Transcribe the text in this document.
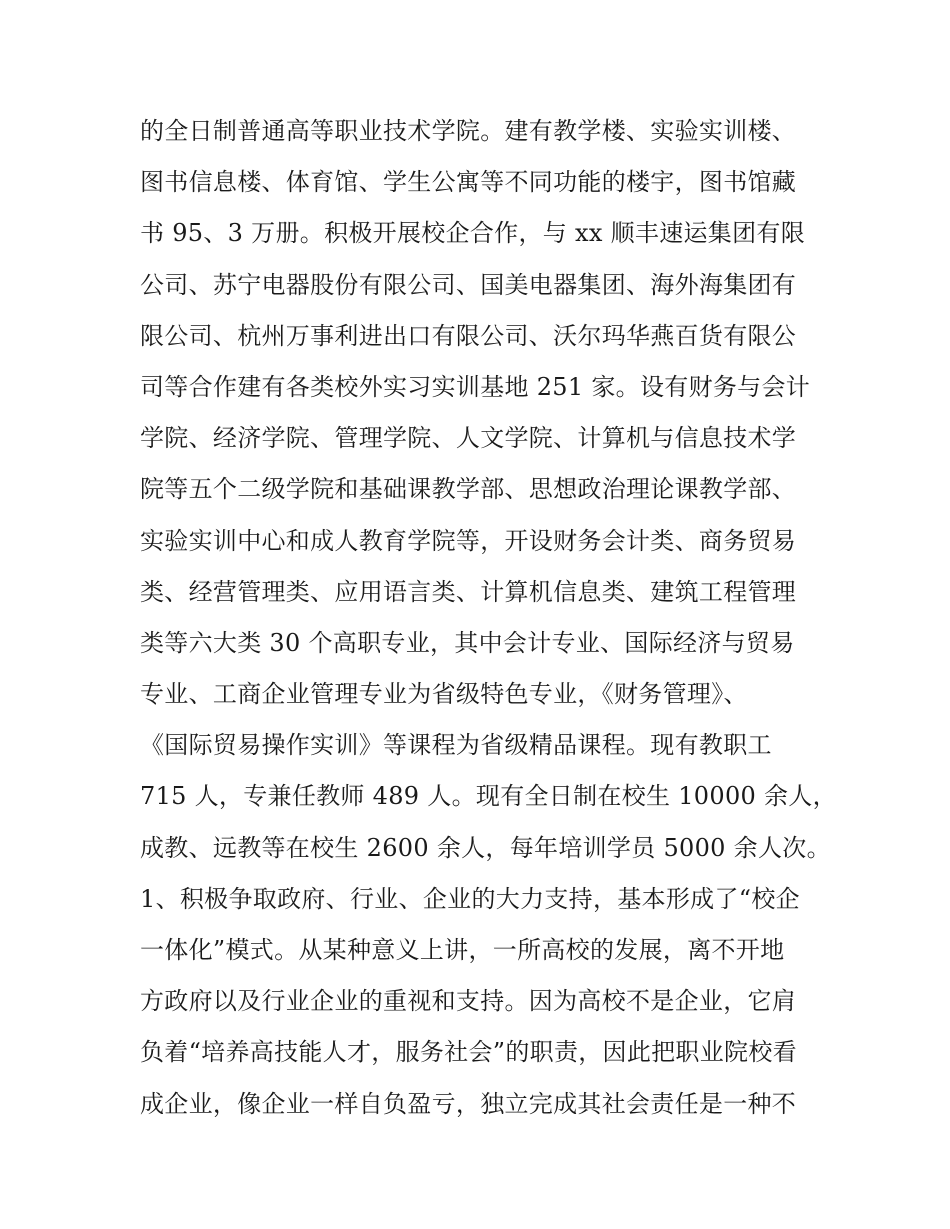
的全日制普通高等职业技术学院。建有教学楼、实验实训楼、
图书信息楼、体育馆、学生公寓等不同功能的楼宇，图书馆藏
书 95、3 万册。积极开展校企合作，与 xx 顺丰速运集团有限
公司、苏宁电器股份有限公司、国美电器集团、海外海集团有
限公司、杭州万事利进出口有限公司、沃尔玛华燕百货有限公
司等合作建有各类校外实习实训基地 251 家。设有财务与会计
学院、经济学院、管理学院、人文学院、计算机与信息技术学
院等五个二级学院和基础课教学部、思想政治理论课教学部、
实验实训中心和成人教育学院等，开设财务会计类、商务贸易
类、经营管理类、应用语言类、计算机信息类、建筑工程管理
类等六大类 30 个高职专业，其中会计专业、国际经济与贸易
专业、工商企业管理专业为省级特色专业，《财务管理》、
《国际贸易操作实训》等课程为省级精品课程。现有教职工
715 人，专兼任教师 489 人。现有全日制在校生 10000 余人，
成教、远教等在校生 2600 余人，每年培训学员 5000 余人次。
1、积极争取政府、行业、企业的大力支持，基本形成了“校企
一体化”模式。从某种意义上讲，一所高校的发展，离不开地
方政府以及行业企业的重视和支持。因为高校不是企业，它肩
负着“培养高技能人才，服务社会”的职责，因此把职业院校看
成企业，像企业一样自负盈亏，独立完成其社会责任是一种不
